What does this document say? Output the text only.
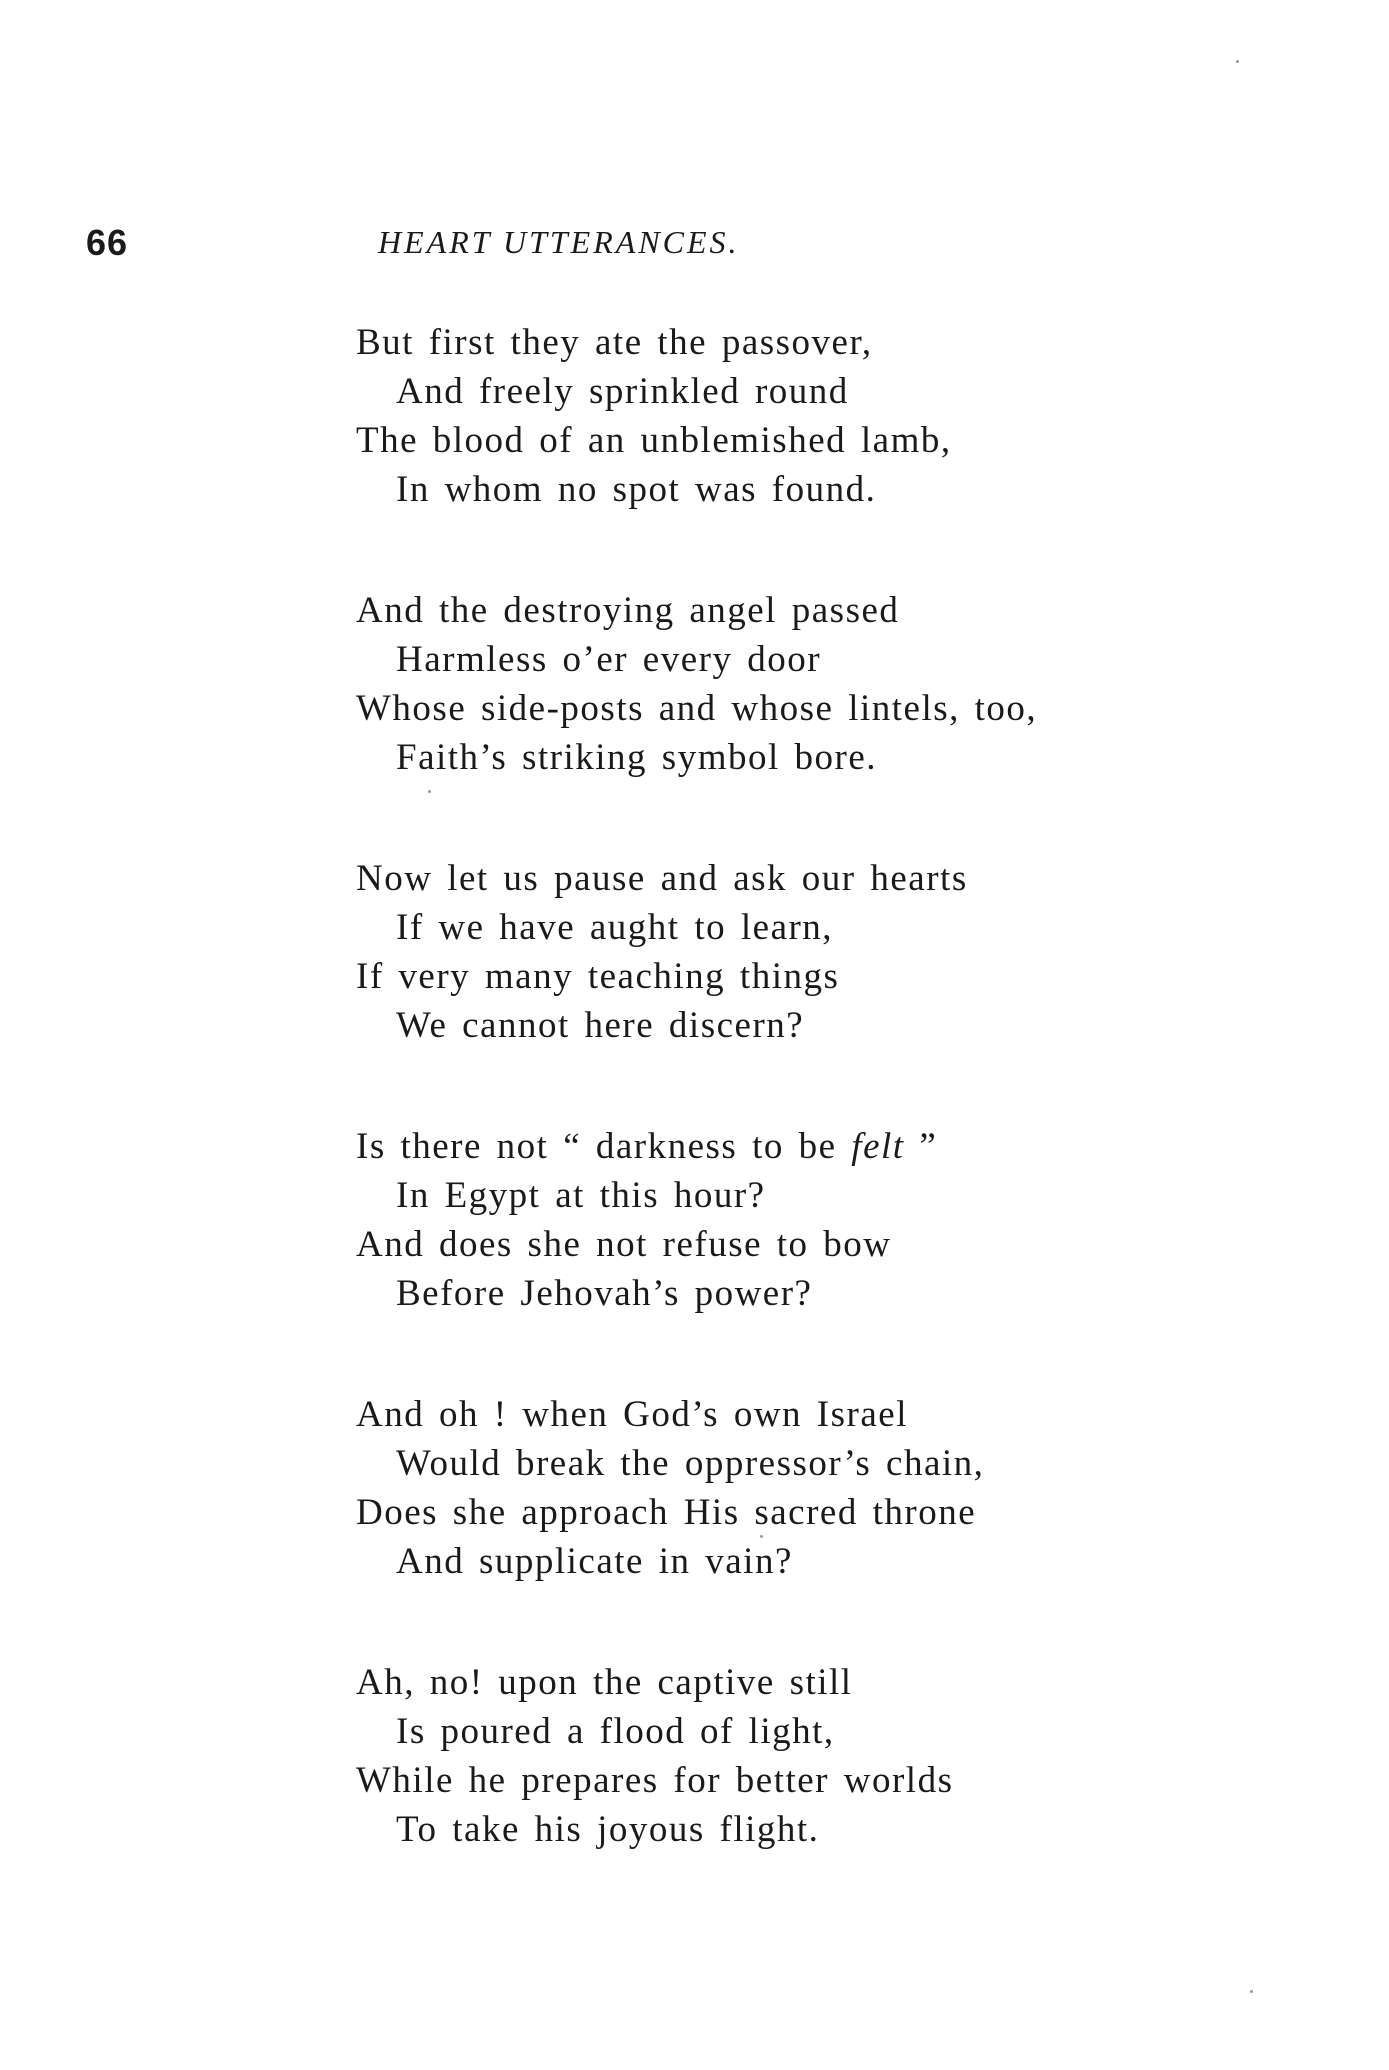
66	HEART UTTERANCES.
But first they ate the passover,
And freely sprinkled round
The blood of an unblemished lamb,
In whom no spot was found.
And the destroying angel passed
Harmless o’er every door
Whose side-posts and whose lintels, too,
Faith’s striking symbol bore.
Now let us pause and ask our hearts
If we have aught to learn,
If very many teaching things
We cannot here discern?
Is there not “ darkness to be felt ”
In Egypt at this hour?
And does she not refuse to bow
Before Jehovah’s power?
And oh ! when God’s own Israel
Would break the oppressor’s chain,
Does she approach His sacred throne
And supplicate in vain?
Ah, no! upon the captive still
Is poured a flood of light,
While he prepares for better worlds
To take his joyous flight.
